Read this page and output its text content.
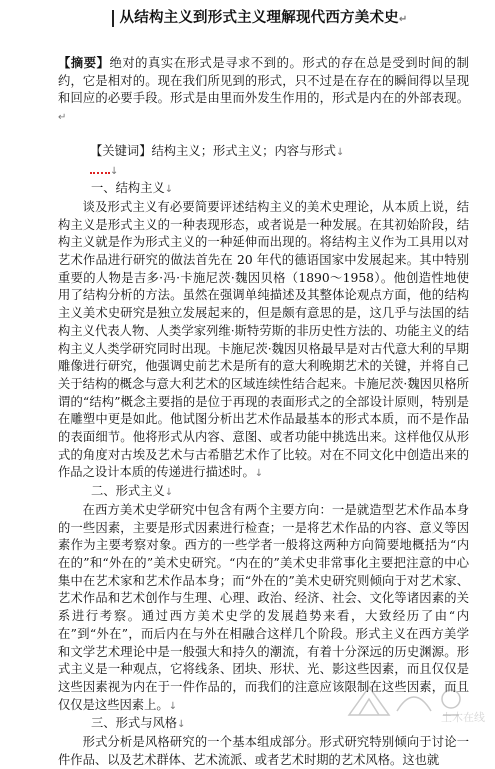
从结构主义到形式主义理解现代西方美术史↵

【摘要】绝对的真实在形式是寻求不到的。形式的存在总是受到时间的制约，它是相对的。现在我们所见到的形式，只不过是在存在的瞬间得以呈现和回应的必要手段。形式是由里而外发生作用的，形式是内在的外部表现。↵

【关键词】结构主义；形式主义；内容与形式↓

↓

一、结构主义↓

谈及形式主义有必要简要评述结构主义的美术史理论，从本质上说，结构主义是形式主义的一种表现形态，或者说是一种发展。在其初始阶段，结构主义就是作为形式主义的一种延伸而出现的。将结构主义作为工具用以对艺术作品进行研究的做法首先在 20 年代的德语国家中发展起来。其中特别重要的人物是吉多·冯·卡施尼茨·魏因贝格（1890～1958）。他创造性地使用了结构分析的方法。虽然在强调单纯描述及其整体论观点方面，他的结构主义美术史研究是独立发展起来的，但是颇有意思的是，这几乎与法国的结构主义代表人物、人类学家列维·斯特劳斯的非历史性方法的、功能主义的结构主义人类学研究同时出现。卡施尼茨·魏因贝格最早是对古代意大利的早期雕像进行研究，他强调史前艺术是所有的意大利晚期艺术的关键，并将自己关于结构的概念与意大利艺术的区域连续性结合起来。卡施尼茨·魏因贝格所谓的“结构”概念主要指的是位于再现的表面形式之的全部设计原则，特别是在雕塑中更是如此。他试图分析出艺术作品最基本的形式本质，而不是作品的表面细节。他将形式从内容、意图、或者功能中挑选出来。这样他仅从形式的角度对古埃及艺术与古希腊艺术作了比较。对在不同文化中创造出来的作品之设计本质的传递进行描述时。↓

二、形式主义↓

在西方美术史学研究中包含有两个主要方向：一是就造型艺术作品本身的一些因素，主要是形式因素进行检查；一是将艺术作品的内容、意义等因素作为主要考察对象。西方的一些学者一般将这两种方向简要地概括为“内在的”和“外在的”美术史研究。“内在的”美术史非常事化主要把注意的中心集中在艺术家和艺术作品本身；而“外在的”美术史研究则倾向于对艺术家、艺术作品和艺术创作与生理、心理、政治、经济、社会、文化等诸因素的关系进行考察。通过西方美术史学的发展趋势来看，大致经历了由“内在”到“外在”，而后内在与外在相融合这样几个阶段。形式主义在西方美学和文学艺术理论中是一般强大和持久的潮流，有着十分深远的历史渊源。形式主义是一种观点，它将线条、团块、形状、光、影这些因素，而且仅仅是这些因素视为内在于一件作品的，而我们的注意应该限制在这些因素，而且仅仅是这些因素上。↓

三、形式与风格↓

形式分析是风格研究的一个基本组成部分。形式研究特别倾向于讨论一件作品、以及艺术群体、艺术流派、或者艺术时期的艺术风格。这也就

土木在线
